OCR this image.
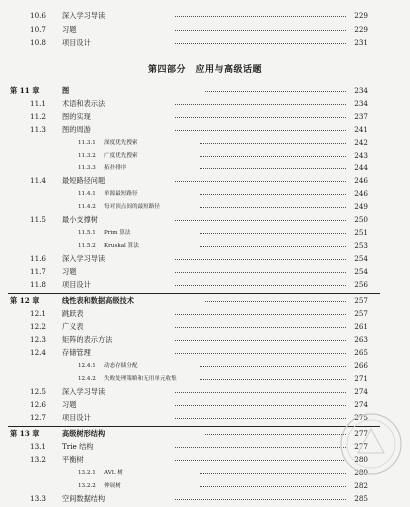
10.6 深入学习导读	229
10.7 习题	229
10.8 项目设计	231
第四部分　应用与高级话题
第 11 章	图	234
11.1 术语和表示法	234
11.2 图的实现	237
11.3 图的周游	241
11.3.1 深度优先搜索	242
11.3.2 广度优先搜索	243
11.3.3 拓扑排序	244
11.4 最短路径问题	246
11.4.1 单源最短路径	246
11.4.2 每对顶点间的最短路径	249
11.5 最小支撑树	250
11.5.1 Prim 算法	251
11.5.2 Kruskal 算法	253
11.6 深入学习导读	254
11.7 习题	254
11.8 项目设计	256
第 12 章	线性表和数据高级技术	257
12.1 跳跃表	257
12.2 广义表	261
12.3 矩阵的表示方法	263
12.4 存储管理	265
12.4.1 动态存储分配	266
12.4.2 失败处理策略和无用单元收集	271
12.5 深入学习导读	274
12.6 习题	274
12.7 项目设计	275
第 13 章	高级树形结构	277
13.1 Trie 结构	277
13.2 平衡树	280
13.2.1 AVL 树	280
13.2.2 伸展树	282
13.3 空间数据结构	285
